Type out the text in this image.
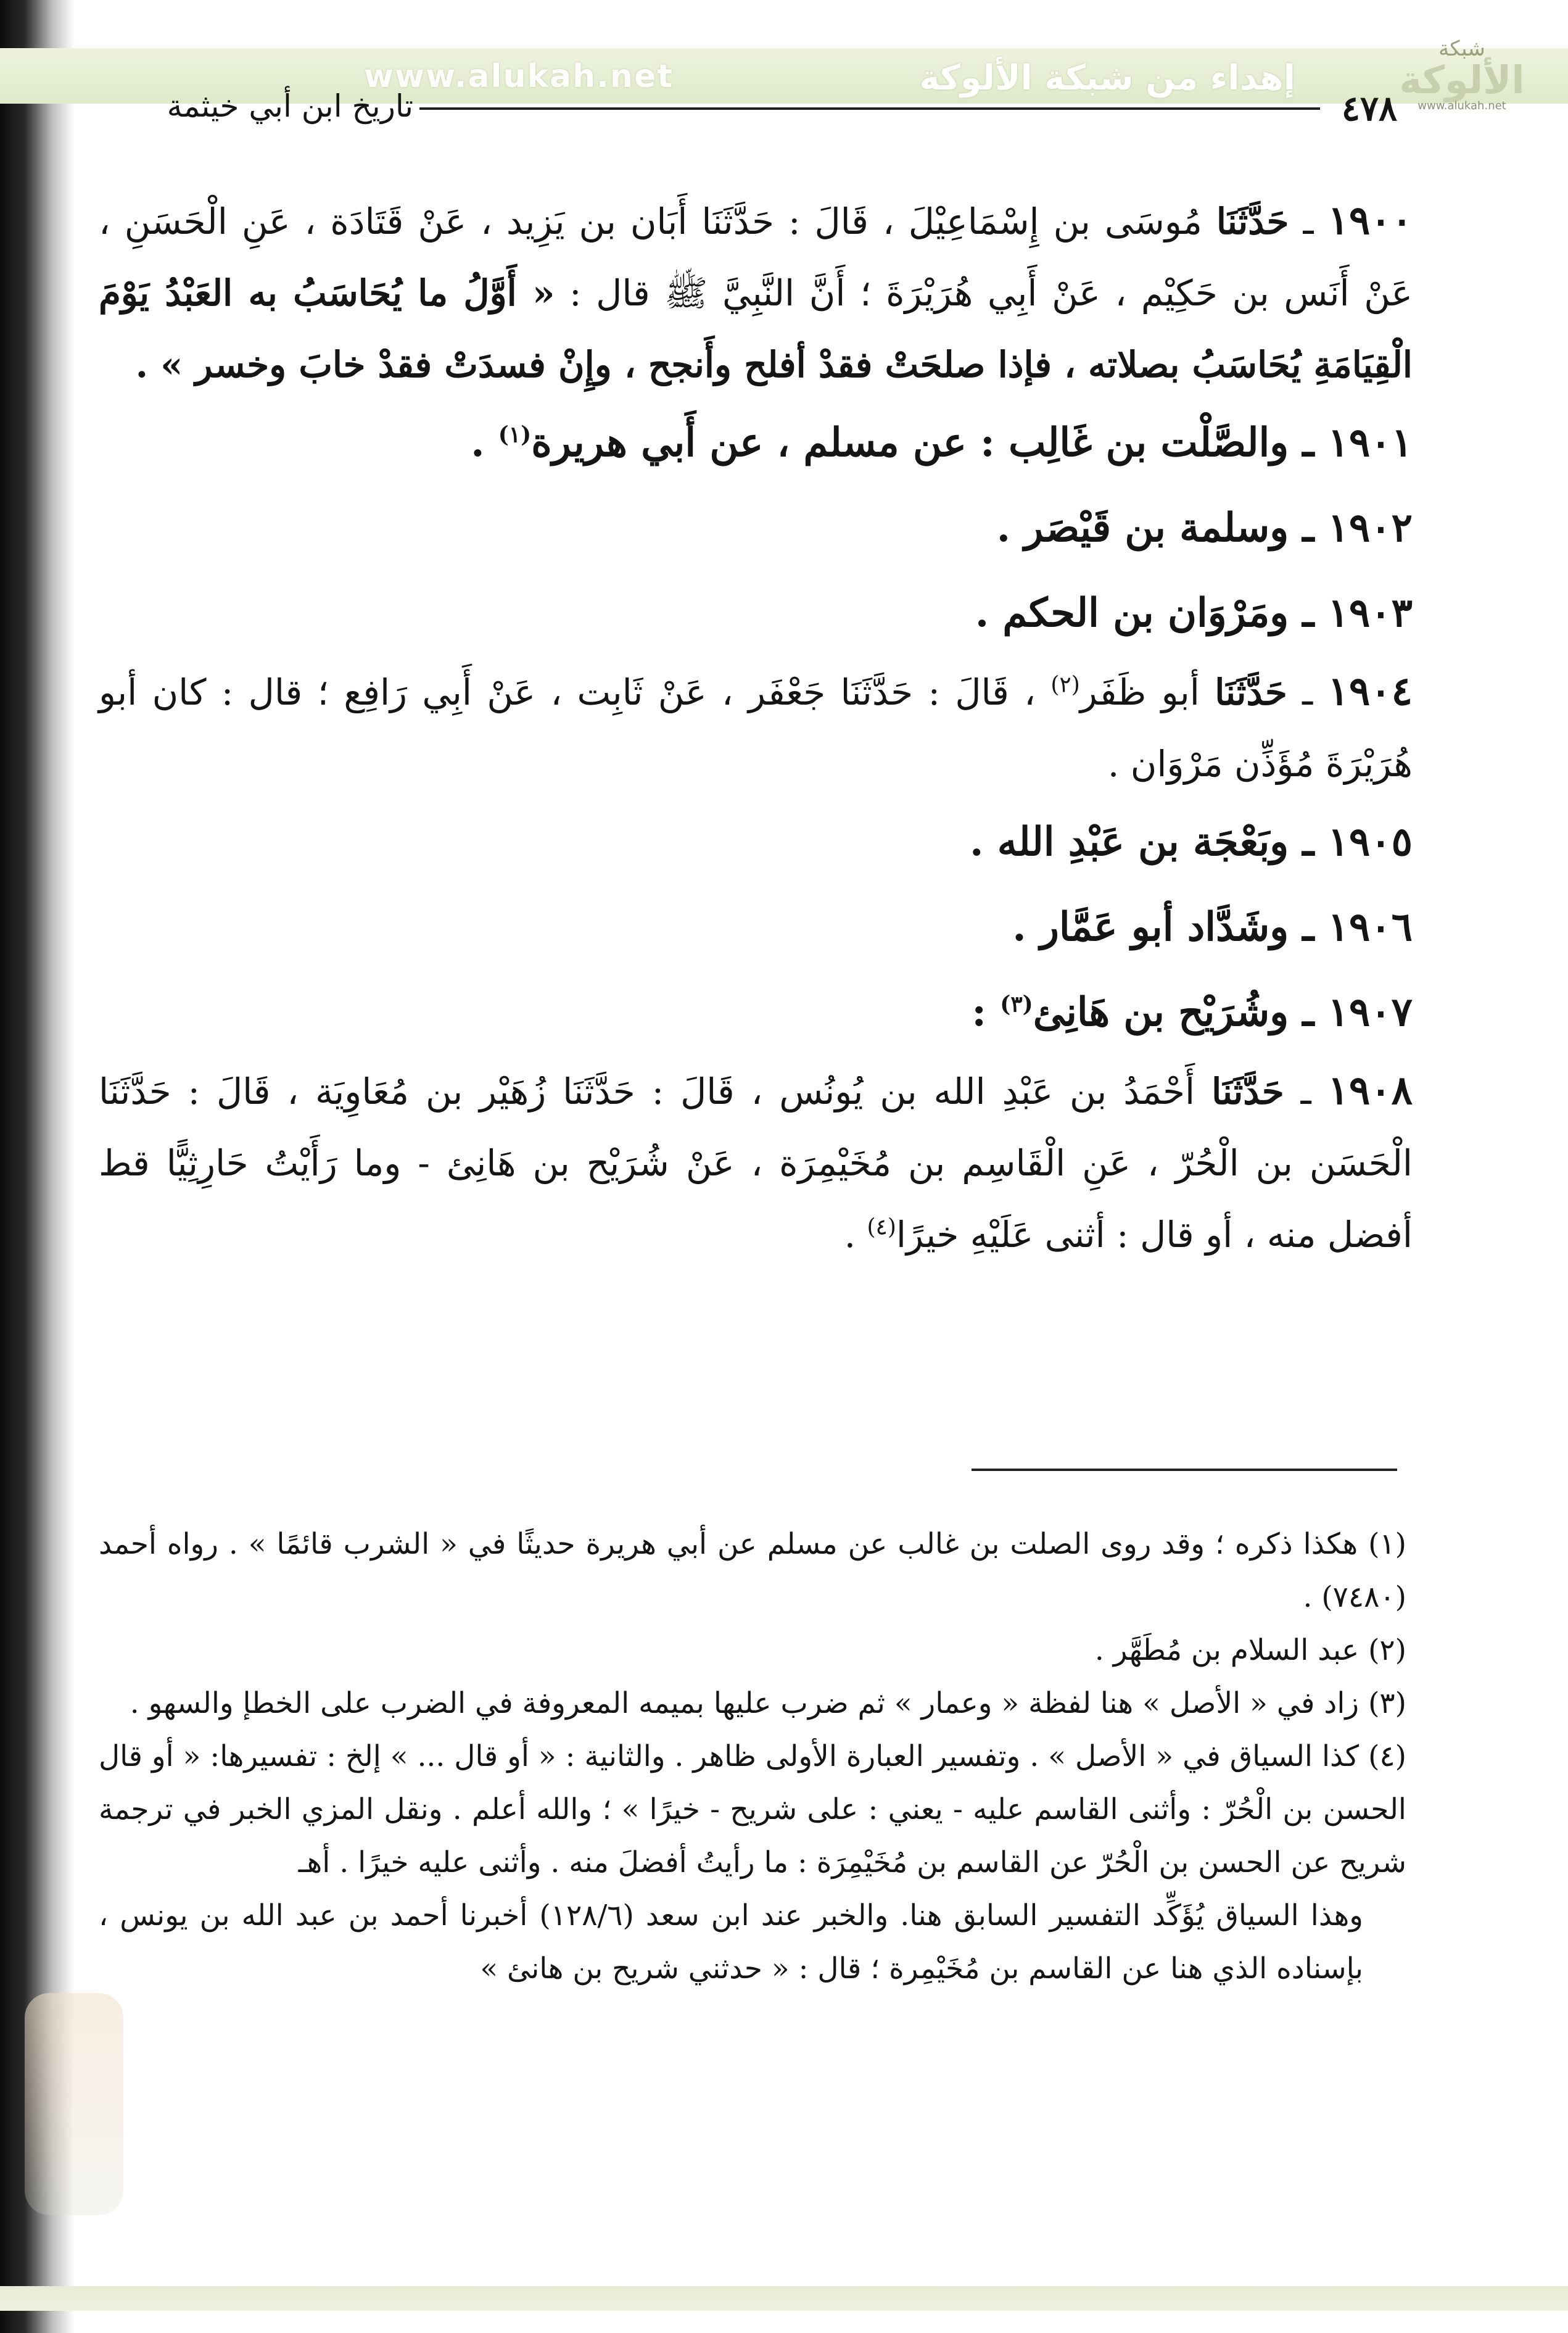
www.alukah.net	إهداء من شبكة الألوكة
شبكة
الألوكة
www.alukah.net
٤٧٨
تاريخ ابن أبي خيثمة

١٩٠٠ ـ حَدَّثَنَا مُوسَى بن إِسْمَاعِيْلَ ، قَالَ : حَدَّثَنَا أَبَان بن يَزِيد ، عَنْ قَتَادَة ، عَنِ الْحَسَنِ ، عَنْ أَنَس بن حَكِيْم ، عَنْ أَبِي هُرَيْرَةَ ؛ أَنَّ النَّبِيَّ ﷺ قال : « أَوَّلُ ما يُحَاسَبُ به العَبْدُ يَوْمَ الْقِيَامَةِ يُحَاسَبُ بصلاته ، فإذا صلحَتْ فقدْ أفلح وأَنجح ، وإِنْ فسدَتْ فقدْ خابَ وخسر » .

١٩٠١ ـ والصَّلْت بن غَالِب : عن مسلم ، عن أَبي هريرة$^{(١)}$ .

١٩٠٢ ـ وسلمة بن قَيْصَر .

١٩٠٣ ـ ومَرْوَان بن الحكم .

١٩٠٤ ـ حَدَّثَنَا أبو ظَفَر$^{(٢)}$ ، قَالَ : حَدَّثَنَا جَعْفَر ، عَنْ ثَابِت ، عَنْ أَبِي رَافِع ؛ قال : كان أبو هُرَيْرَةَ مُؤَذِّن مَرْوَان .

١٩٠٥ ـ وبَعْجَة بن عَبْدِ الله .

١٩٠٦ ـ وشَدَّاد أبو عَمَّار .

١٩٠٧ ـ وشُرَيْح بن هَانِئ$^{(٣)}$ :

١٩٠٨ ـ حَدَّثَنَا أَحْمَدُ بن عَبْدِ الله بن يُونُس ، قَالَ : حَدَّثَنَا زُهَيْر بن مُعَاوِيَة ، قَالَ : حَدَّثَنَا الْحَسَن بن الْحُرّ ، عَنِ الْقَاسِم بن مُخَيْمِرَة ، عَنْ شُرَيْح بن هَانِئ - وما رَأَيْتُ حَارِثِيًّا قط أفضل منه ، أو قال : أثنى عَلَيْهِ خيرًا$^{(٤)}$ .

(١) هكذا ذكره ؛ وقد روى الصلت بن غالب عن مسلم عن أبي هريرة حديثًا في « الشرب قائمًا » . رواه أحمد (٧٤٨٠) .

(٢) عبد السلام بن مُطَهَّر .

(٣) زاد في « الأصل » هنا لفظة « وعمار » ثم ضرب عليها بميمه المعروفة في الضرب على الخطإ والسهو .

(٤) كذا السياق في « الأصل » . وتفسير العبارة الأولى ظاهر . والثانية : « أو قال ... » إلخ : تفسيرها: « أو قال الحسن بن الْحُرّ : وأثنى القاسم عليه - يعني : على شريح - خيرًا » ؛ والله أعلم . ونقل المزي الخبر في ترجمة شريح عن الحسن بن الْحُرّ عن القاسم بن مُخَيْمِرَة : ما رأيتُ أفضلَ منه . وأثنى عليه خيرًا . أهـ

وهذا السياق يُؤَكِّد التفسير السابق هنا. والخبر عند ابن سعد (١٢٨/٦) أخبرنا أحمد بن عبد الله بن يونس ، بإسناده الذي هنا عن القاسم بن مُخَيْمِرة ؛ قال : « حدثني شريح بن هانئ »
